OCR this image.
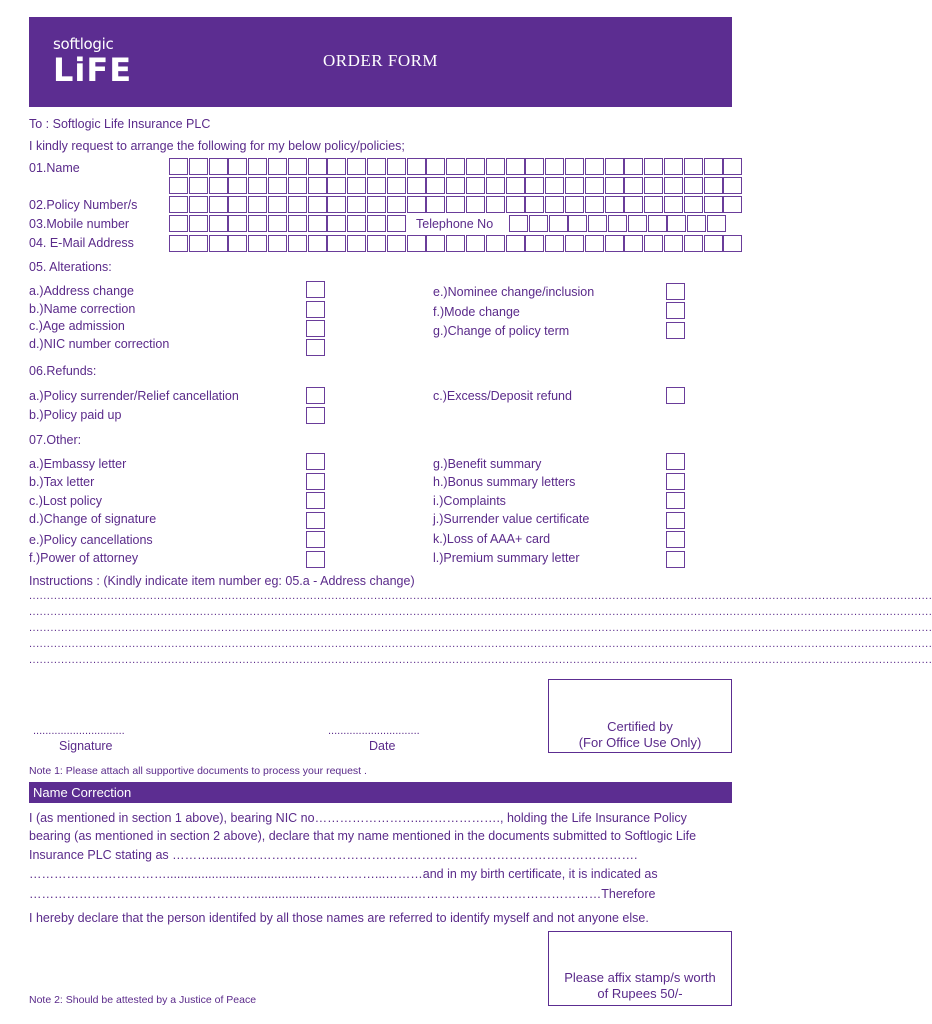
softlogic
LiFE	ORDER FORM
To : Softlogic Life Insurance PLC
I kindly request to arrange the following for my below policy/policies;
01.Name
02.Policy Number/s
03.Mobile number
04. E-Mail Address
Telephone No
05. Alterations:
a.)Address change
b.)Name correction
c.)Age admission
d.)NIC number correction
e.)Nominee change/inclusion
f.)Mode change
g.)Change of policy term
06.Refunds:
a.)Policy surrender/Relief cancellation
b.)Policy paid up
c.)Excess/Deposit refund
07.Other:
a.)Embassy letter
b.)Tax letter
c.)Lost policy
d.)Change of signature
e.)Policy cancellations
f.)Power of attorney
g.)Benefit summary
h.)Bonus summary letters
i.)Complaints
j.)Surrender value certificate
k.)Loss of AAA+ card
l.)Premium summary letter
Instructions : (Kindly indicate item number eg: 05.a - Address change)
..............................................................................................................................................................................................................................................................
..............................................................................................................................................................................................................................................................
..............................................................................................................................................................................................................................................................
..............................................................................................................................................................................................................................................................
..............................................................................................................................................................................................................................................................
..............................
Signature
..............................
Date
Certified by
(For Office Use Only)
Note 1: Please attach all supportive documents to process your request .
Name Correction
I (as mentioned in section 1 above), bearing NIC no……………………..………………., holding the Life Insurance Policy
bearing (as mentioned in section 2 above), declare that my name mentioned in the documents submitted to Softlogic Life
Insurance PLC stating as ……….......…………………………………………………………………………………….
……………………………..........................................……………...………and in my birth certificate, it is indicated as
………………………………………………..............................................………………………………………Therefore
I hereby declare that the person identifed by all those names are referred to identify myself and not anyone else.
Please affix stamp/s worth
of Rupees 50/-
Note 2: Should be attested by a Justice of Peace
